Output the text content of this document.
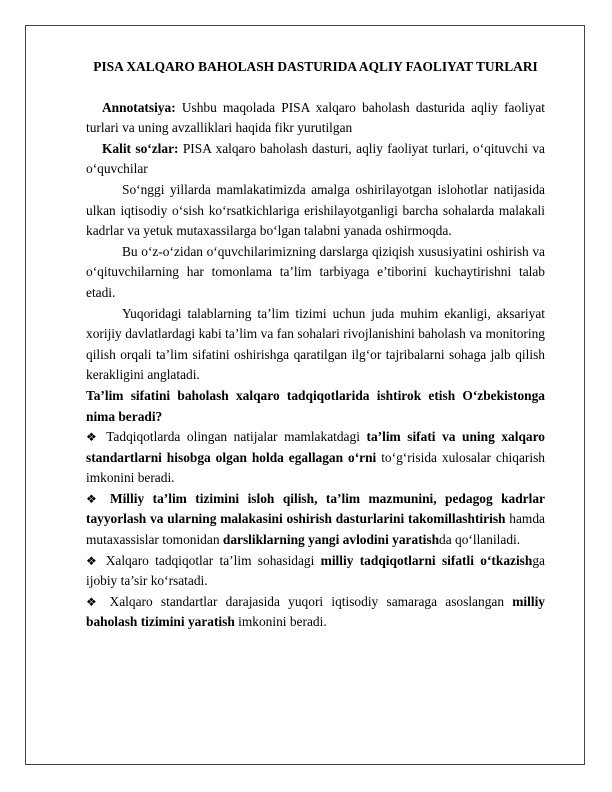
PISA XALQARO BAHOLASH DASTURIDA AQLIY FAOLIYAT TURLARI

Annotatsiya: Ushbu maqolada PISA xalqaro baholash dasturida aqliy faoliyat turlari va uning avzalliklari haqida fikr yurutilgan

Kalit so‘zlar: PISA xalqaro baholash dasturi, aqliy faoliyat turlari, o‘qituvchi va o‘quvchilar

So‘nggi yillarda mamlakatimizda amalga oshirilayotgan islohotlar natijasida ulkan iqtisodiy o‘sish ko‘rsatkichlariga erishilayotganligi barcha sohalarda malakali kadrlar va yetuk mutaxassilarga bo‘lgan talabni yanada oshirmoqda.

Bu o‘z-o‘zidan o‘quvchilarimizning darslarga qiziqish xususiyatini oshirish va o‘qituvchilarning har tomonlama ta’lim tarbiyaga e’tiborini kuchaytirishni talab etadi.

Yuqoridagi talablarning ta’lim tizimi uchun juda muhim ekanligi, aksariyat xorijiy davlatlardagi kabi ta’lim va fan sohalari rivojlanishini baholash va monitoring qilish orqali ta’lim sifatini oshirishga qaratilgan ilg‘or tajribalarni sohaga jalb qilish kerakligini anglatadi.

Ta’lim sifatini baholash xalqaro tadqiqotlarida ishtirok etish O‘zbekistonga nima beradi?

❖ Tadqiqotlarda olingan natijalar mamlakatdagi ta’lim sifati va uning xalqaro standartlarni hisobga olgan holda egallagan o‘rni to‘g‘risida xulosalar chiqarish imkonini beradi.

❖ Milliy ta’lim tizimini isloh qilish, ta’lim mazmunini, pedagog kadrlar tayyorlash va ularning malakasini oshirish dasturlarini takomillashtirish hamda mutaxassislar tomonidan darsliklarning yangi avlodini yaratishda qo‘llaniladi.

❖ Xalqaro tadqiqotlar ta’lim sohasidagi milliy tadqiqotlarni sifatli o‘tkazishga ijobiy ta’sir ko‘rsatadi.

❖ Xalqaro standartlar darajasida yuqori iqtisodiy samaraga asoslangan milliy baholash tizimini yaratish imkonini beradi.
